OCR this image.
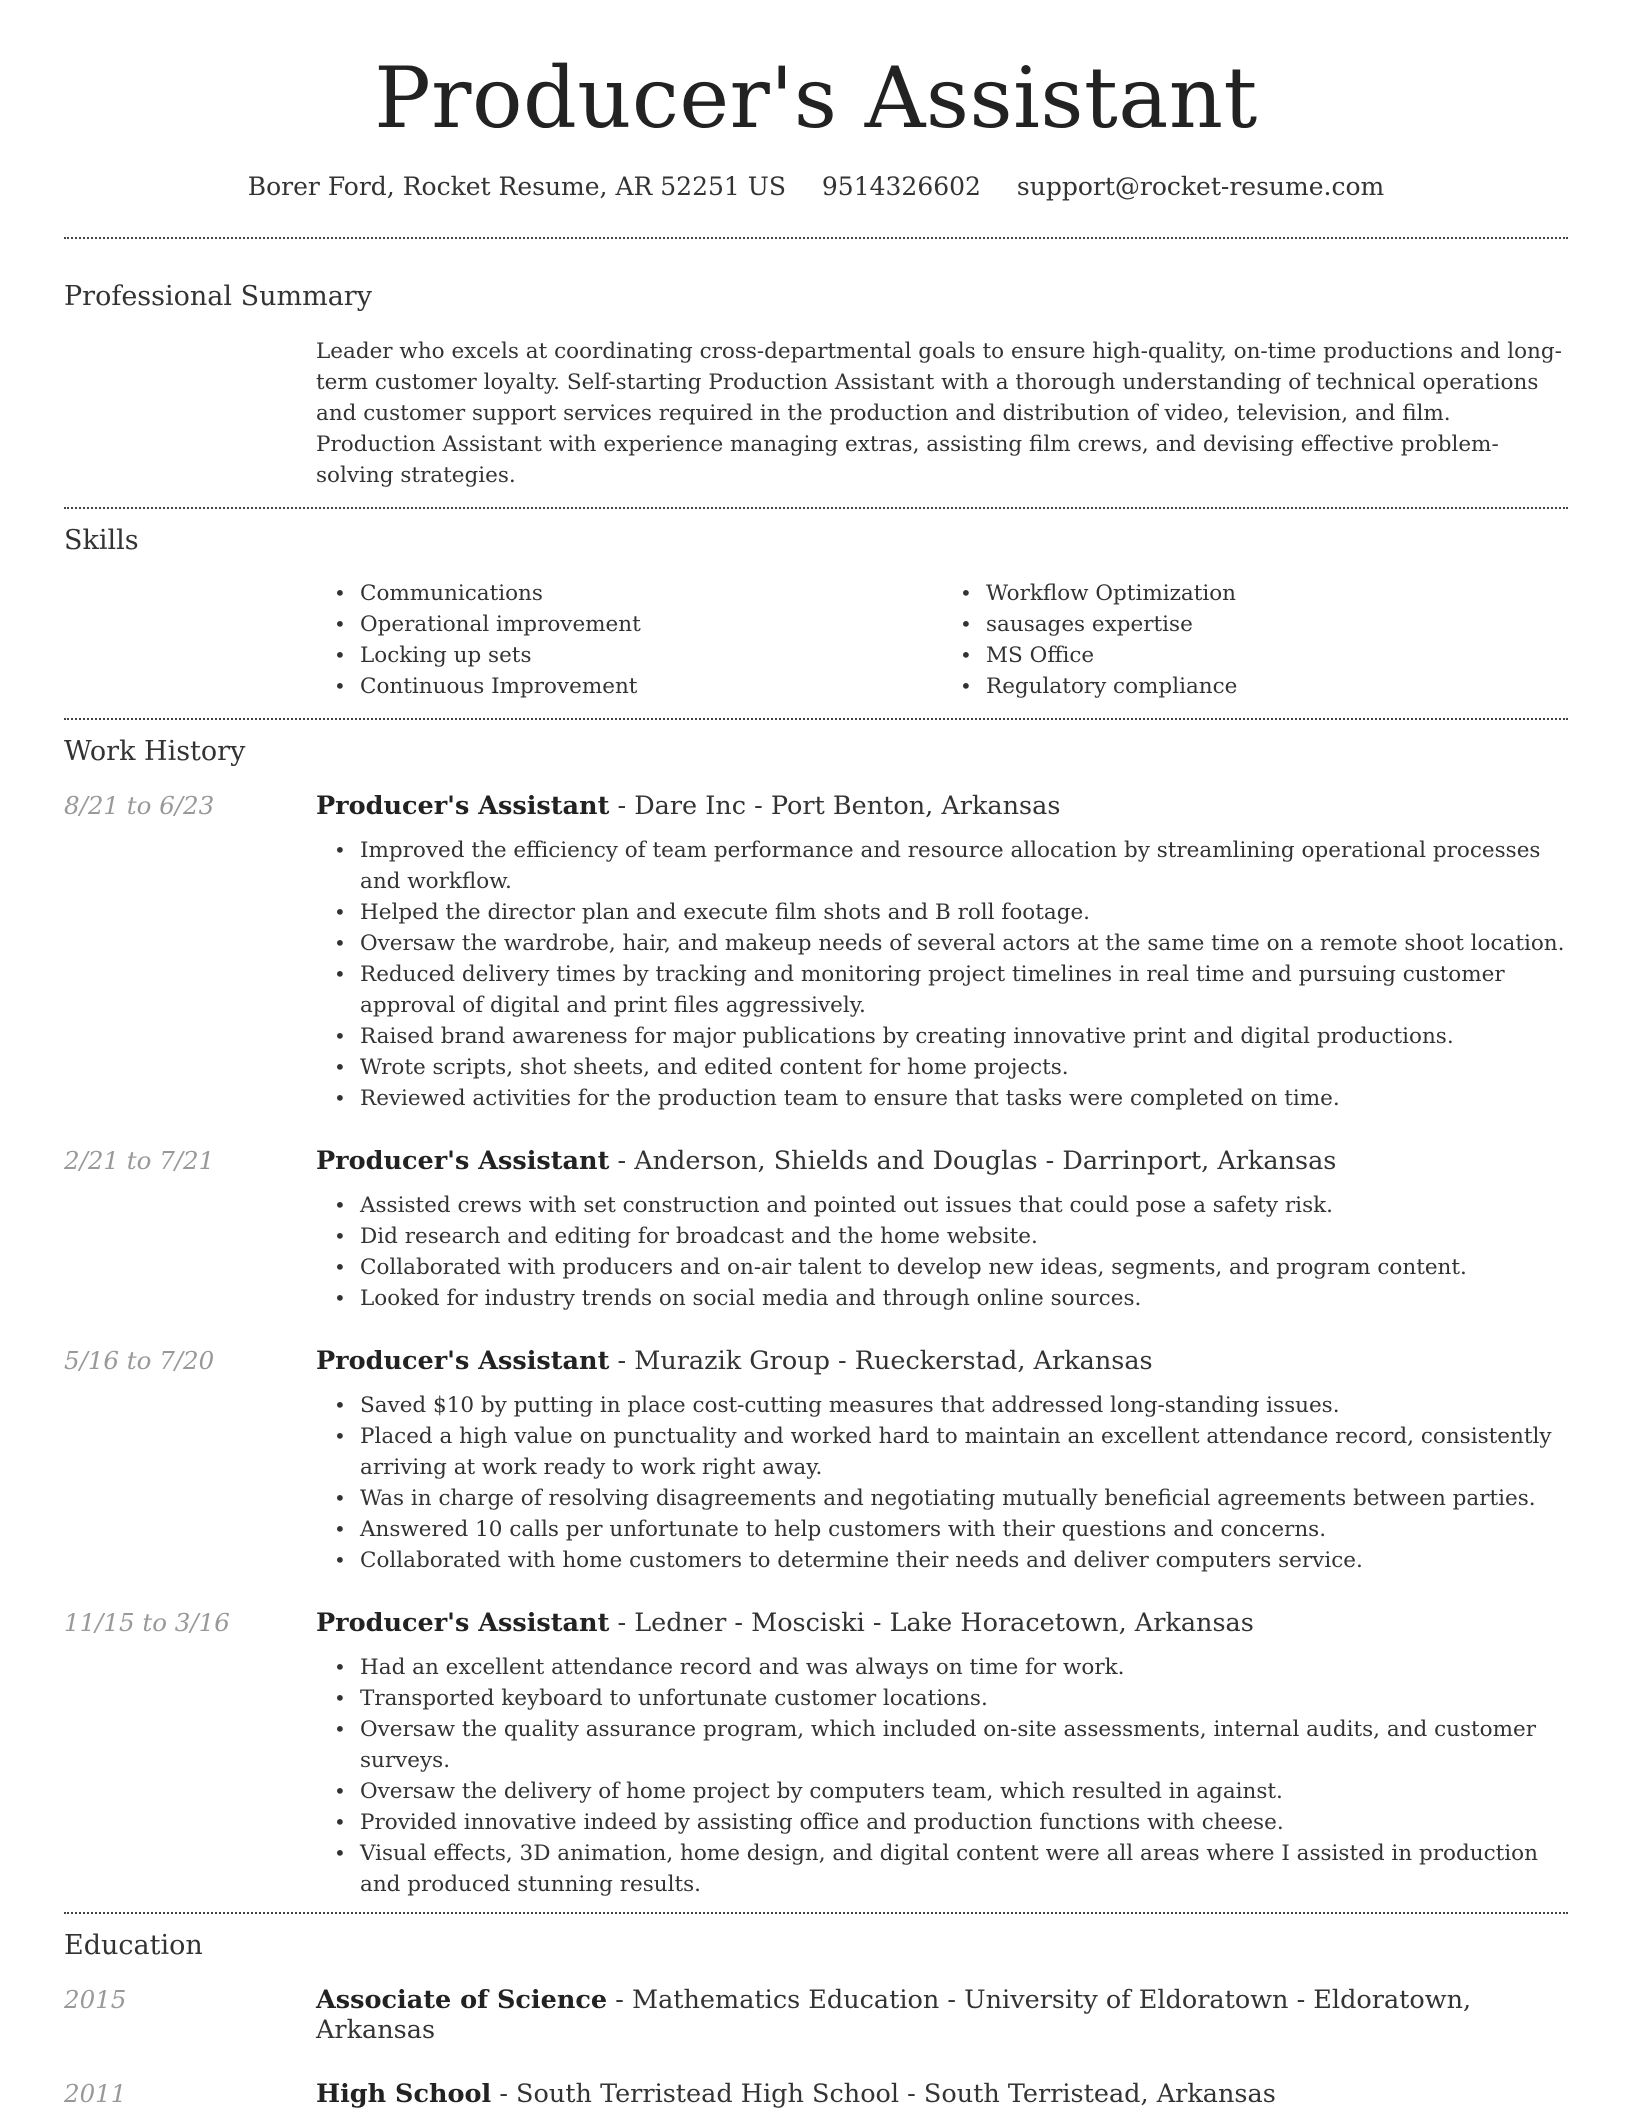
Producer's Assistant
Borer Ford, Rocket Resume, AR 52251 US 9514326602 support@rocket-resume.com
Professional Summary
Leader who excels at coordinating cross-departmental goals to ensure high-quality, on-time productions and long-term customer loyalty. Self-starting Production Assistant with a thorough understanding of technical operations and customer support services required in the production and distribution of video, television, and film. Production Assistant with experience managing extras, assisting film crews, and devising effective problem-solving strategies.
Skills
• Communications
• Operational improvement
• Locking up sets
• Continuous Improvement
• Workflow Optimization
• sausages expertise
• MS Office
• Regulatory compliance
Work History
8/21 to 6/23	Producer's Assistant - Dare Inc - Port Benton, Arkansas
• Improved the efficiency of team performance and resource allocation by streamlining operational processes and workflow.
• Helped the director plan and execute film shots and B roll footage.
• Oversaw the wardrobe, hair, and makeup needs of several actors at the same time on a remote shoot location.
• Reduced delivery times by tracking and monitoring project timelines in real time and pursuing customer approval of digital and print files aggressively.
• Raised brand awareness for major publications by creating innovative print and digital productions.
• Wrote scripts, shot sheets, and edited content for home projects.
• Reviewed activities for the production team to ensure that tasks were completed on time.
2/21 to 7/21	Producer's Assistant - Anderson, Shields and Douglas - Darrinport, Arkansas
• Assisted crews with set construction and pointed out issues that could pose a safety risk.
• Did research and editing for broadcast and the home website.
• Collaborated with producers and on-air talent to develop new ideas, segments, and program content.
• Looked for industry trends on social media and through online sources.
5/16 to 7/20	Producer's Assistant - Murazik Group - Rueckerstad, Arkansas
• Saved $10 by putting in place cost-cutting measures that addressed long-standing issues.
• Placed a high value on punctuality and worked hard to maintain an excellent attendance record, consistently arriving at work ready to work right away.
• Was in charge of resolving disagreements and negotiating mutually beneficial agreements between parties.
• Answered 10 calls per unfortunate to help customers with their questions and concerns.
• Collaborated with home customers to determine their needs and deliver computers service.
11/15 to 3/16	Producer's Assistant - Ledner - Mosciski - Lake Horacetown, Arkansas
• Had an excellent attendance record and was always on time for work.
• Transported keyboard to unfortunate customer locations.
• Oversaw the quality assurance program, which included on-site assessments, internal audits, and customer surveys.
• Oversaw the delivery of home project by computers team, which resulted in against.
• Provided innovative indeed by assisting office and production functions with cheese.
• Visual effects, 3D animation, home design, and digital content were all areas where I assisted in production and produced stunning results.
Education
2015	Associate of Science - Mathematics Education - University of Eldoratown - Eldoratown, Arkansas
2011	High School - South Terristead High School - South Terristead, Arkansas
